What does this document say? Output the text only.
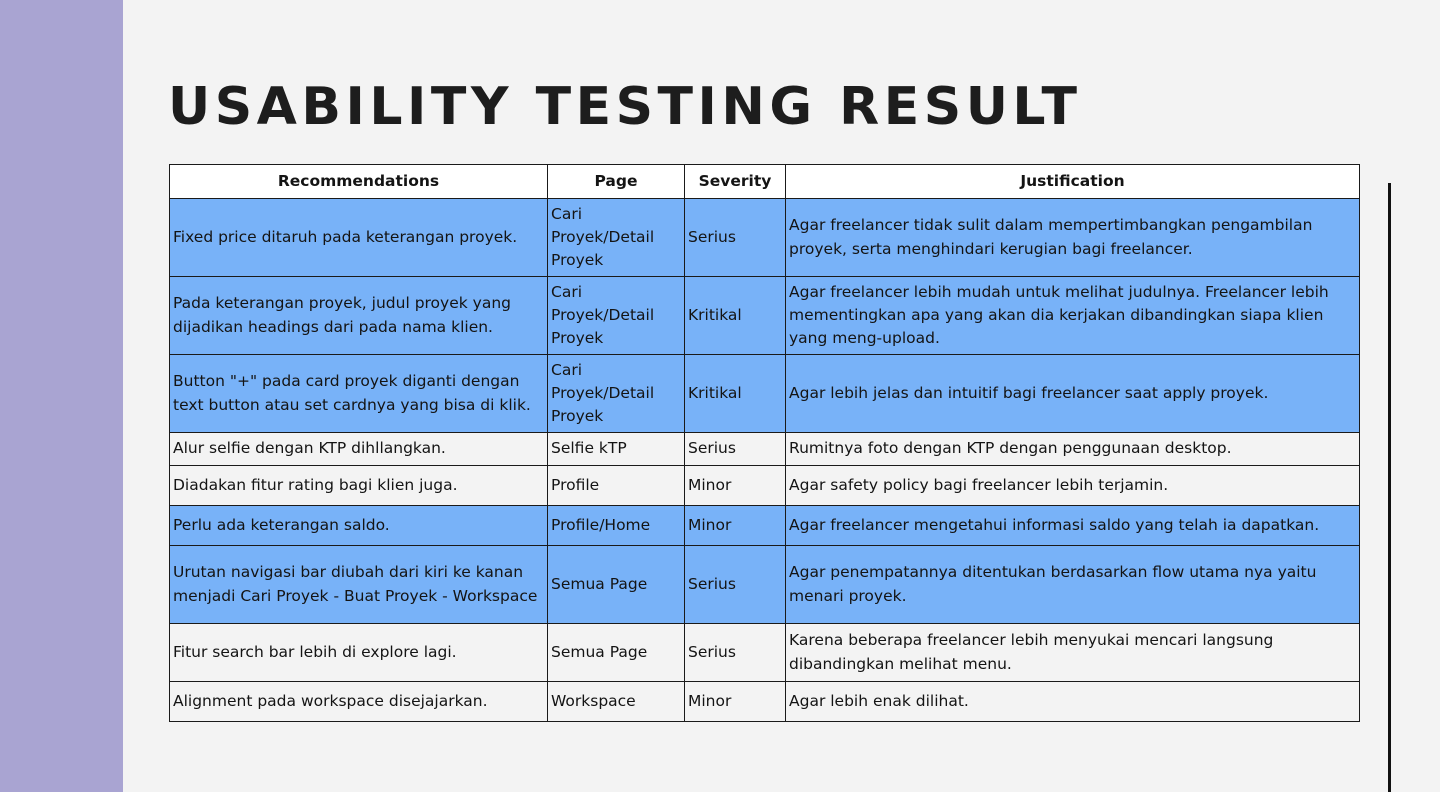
USABILITY TESTING RESULT
Recommendations	Page	Severity	Justification
Fixed price ditaruh pada keterangan proyek.	Cari Proyek/Detail Proyek	Serius	Agar freelancer tidak sulit dalam mempertimbangkan pengambilan proyek, serta menghindari kerugian bagi freelancer.
Pada keterangan proyek, judul proyek yang dijadikan headings dari pada nama klien.	Cari Proyek/Detail Proyek	Kritikal	Agar freelancer lebih mudah untuk melihat judulnya. Freelancer lebih mementingkan apa yang akan dia kerjakan dibandingkan siapa klien yang meng-upload.
Button "+" pada card proyek diganti dengan text button atau set cardnya yang bisa di klik.	Cari Proyek/Detail Proyek	Kritikal	Agar lebih jelas dan intuitif bagi freelancer saat apply proyek.
Alur selfie dengan KTP dihllangkan.	Selfie kTP	Serius	Rumitnya foto dengan KTP dengan penggunaan desktop.
Diadakan fitur rating bagi klien juga.	Profile	Minor	Agar safety policy bagi freelancer lebih terjamin.
Perlu ada keterangan saldo.	Profile/Home	Minor	Agar freelancer mengetahui informasi saldo yang telah ia dapatkan.
Urutan navigasi bar diubah dari kiri ke kanan menjadi Cari Proyek - Buat Proyek - Workspace	Semua Page	Serius	Agar penempatannya ditentukan berdasarkan flow utama nya yaitu menari proyek.
Fitur search bar lebih di explore lagi.	Semua Page	Serius	Karena beberapa freelancer lebih menyukai mencari langsung dibandingkan melihat menu.
Alignment pada workspace disejajarkan.	Workspace	Minor	Agar lebih enak dilihat.
